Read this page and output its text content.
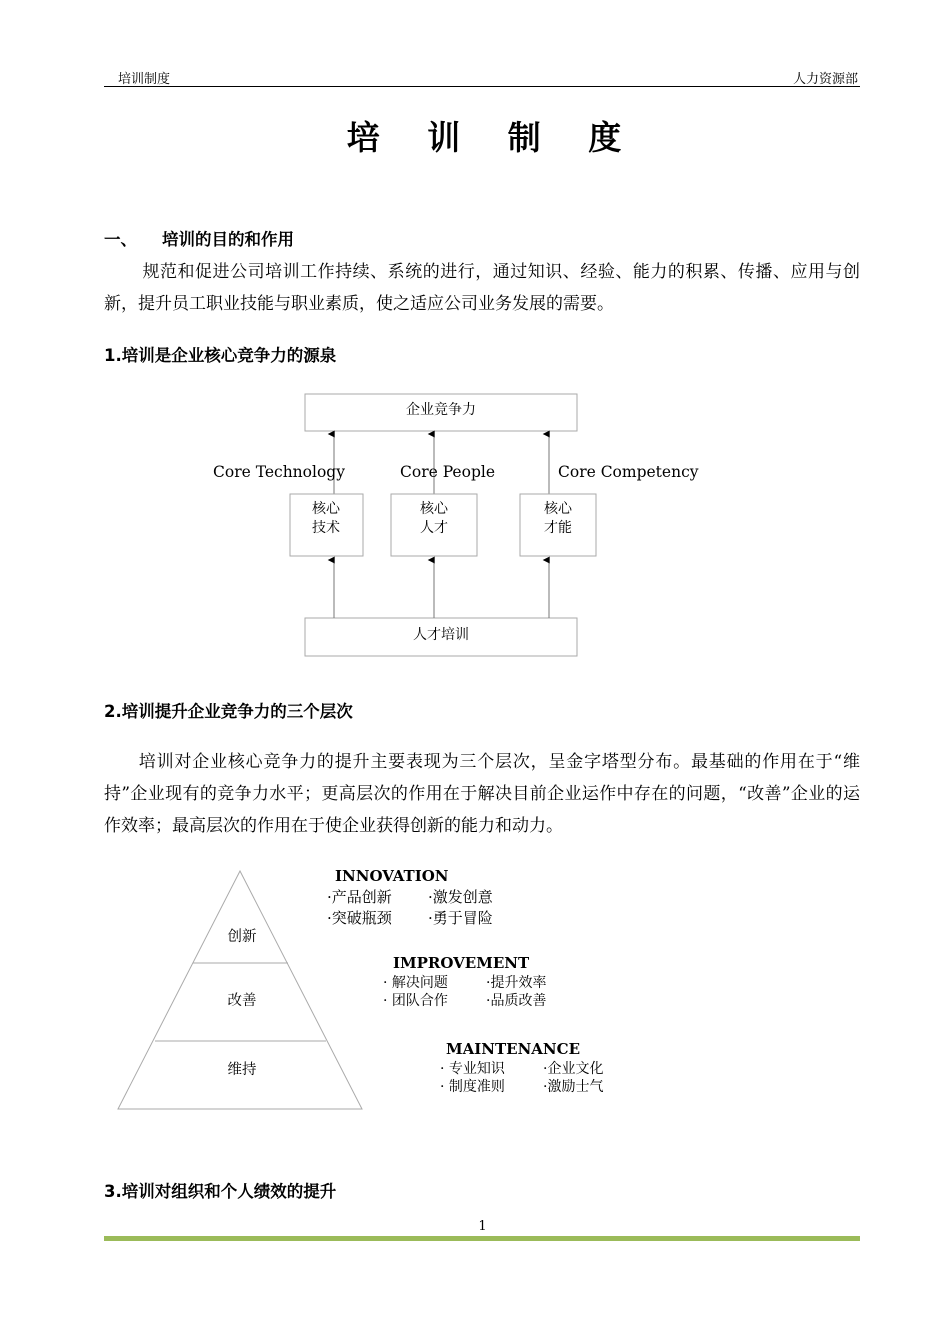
培训制度	人力资源部
培 训 制 度
一、 培训的目的和作用
规范和促进公司培训工作持续、系统的进行，通过知识、经验、能力的积累、传播、应用与创新，提升员工职业技能与职业素质，使之适应公司业务发展的需要。
1.培训是企业核心竞争力的源泉
企业竞争力
人才培训
核心
技术
核心
人才
核心
才能
Core Technology	Core People	Core Competency
2.培训提升企业竞争力的三个层次
培训对企业核心竞争力的提升主要表现为三个层次，呈金字塔型分布。最基础的作用在于“维持”企业现有的竞争力水平；更高层次的作用在于解决目前企业运作中存在的问题，“改善”企业的运作效率；最高层次的作用在于使企业获得创新的能力和动力。
创新
改善
维持
INNOVATION
·产品创新 ·激发创意
·突破瓶颈 ·勇于冒险
IMPROVEMENT
· 解决问题	·提升效率
· 团队合作	·品质改善
MAINTENANCE
· 专业知识	·企业文化
· 制度准则	·激励士气
3.培训对组织和个人绩效的提升
1
